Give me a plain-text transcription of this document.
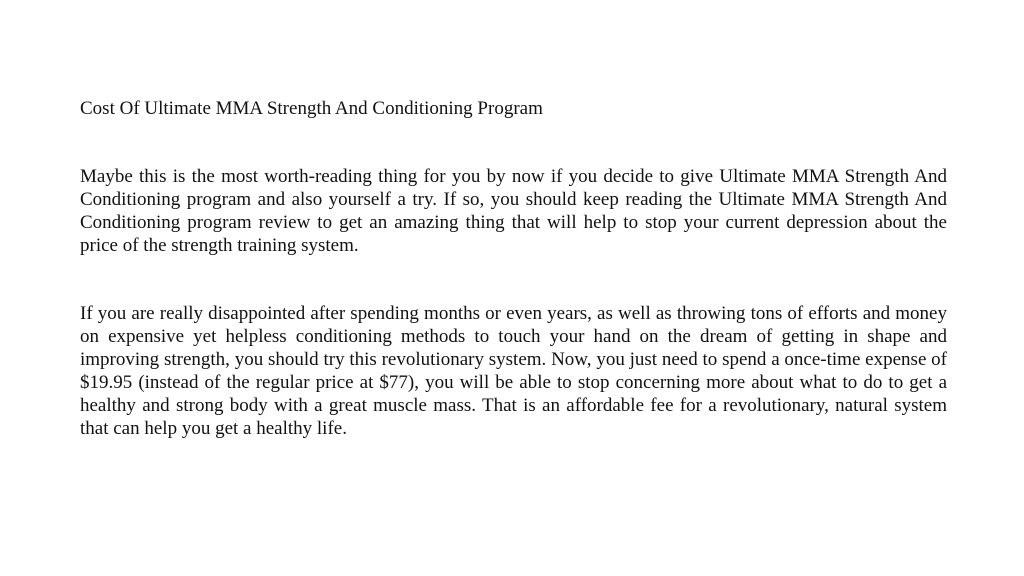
Cost Of Ultimate MMA Strength And Conditioning Program

Maybe this is the most worth-reading thing for you by now if you decide to give Ultimate MMA Strength And Conditioning program and also yourself a try. If so, you should keep reading the Ultimate MMA Strength And Conditioning program review to get an amazing thing that will help to stop your current depression about the price of the strength training system.

If you are really disappointed after spending months or even years, as well as throwing tons of efforts and money on expensive yet helpless conditioning methods to touch your hand on the dream of getting in shape and improving strength, you should try this revolutionary system. Now, you just need to spend a once-time expense of $19.95 (instead of the regular price at $77), you will be able to stop concerning more about what to do to get a healthy and strong body with a great muscle mass. That is an affordable fee for a revolutionary, natural system that can help you get a healthy life.
